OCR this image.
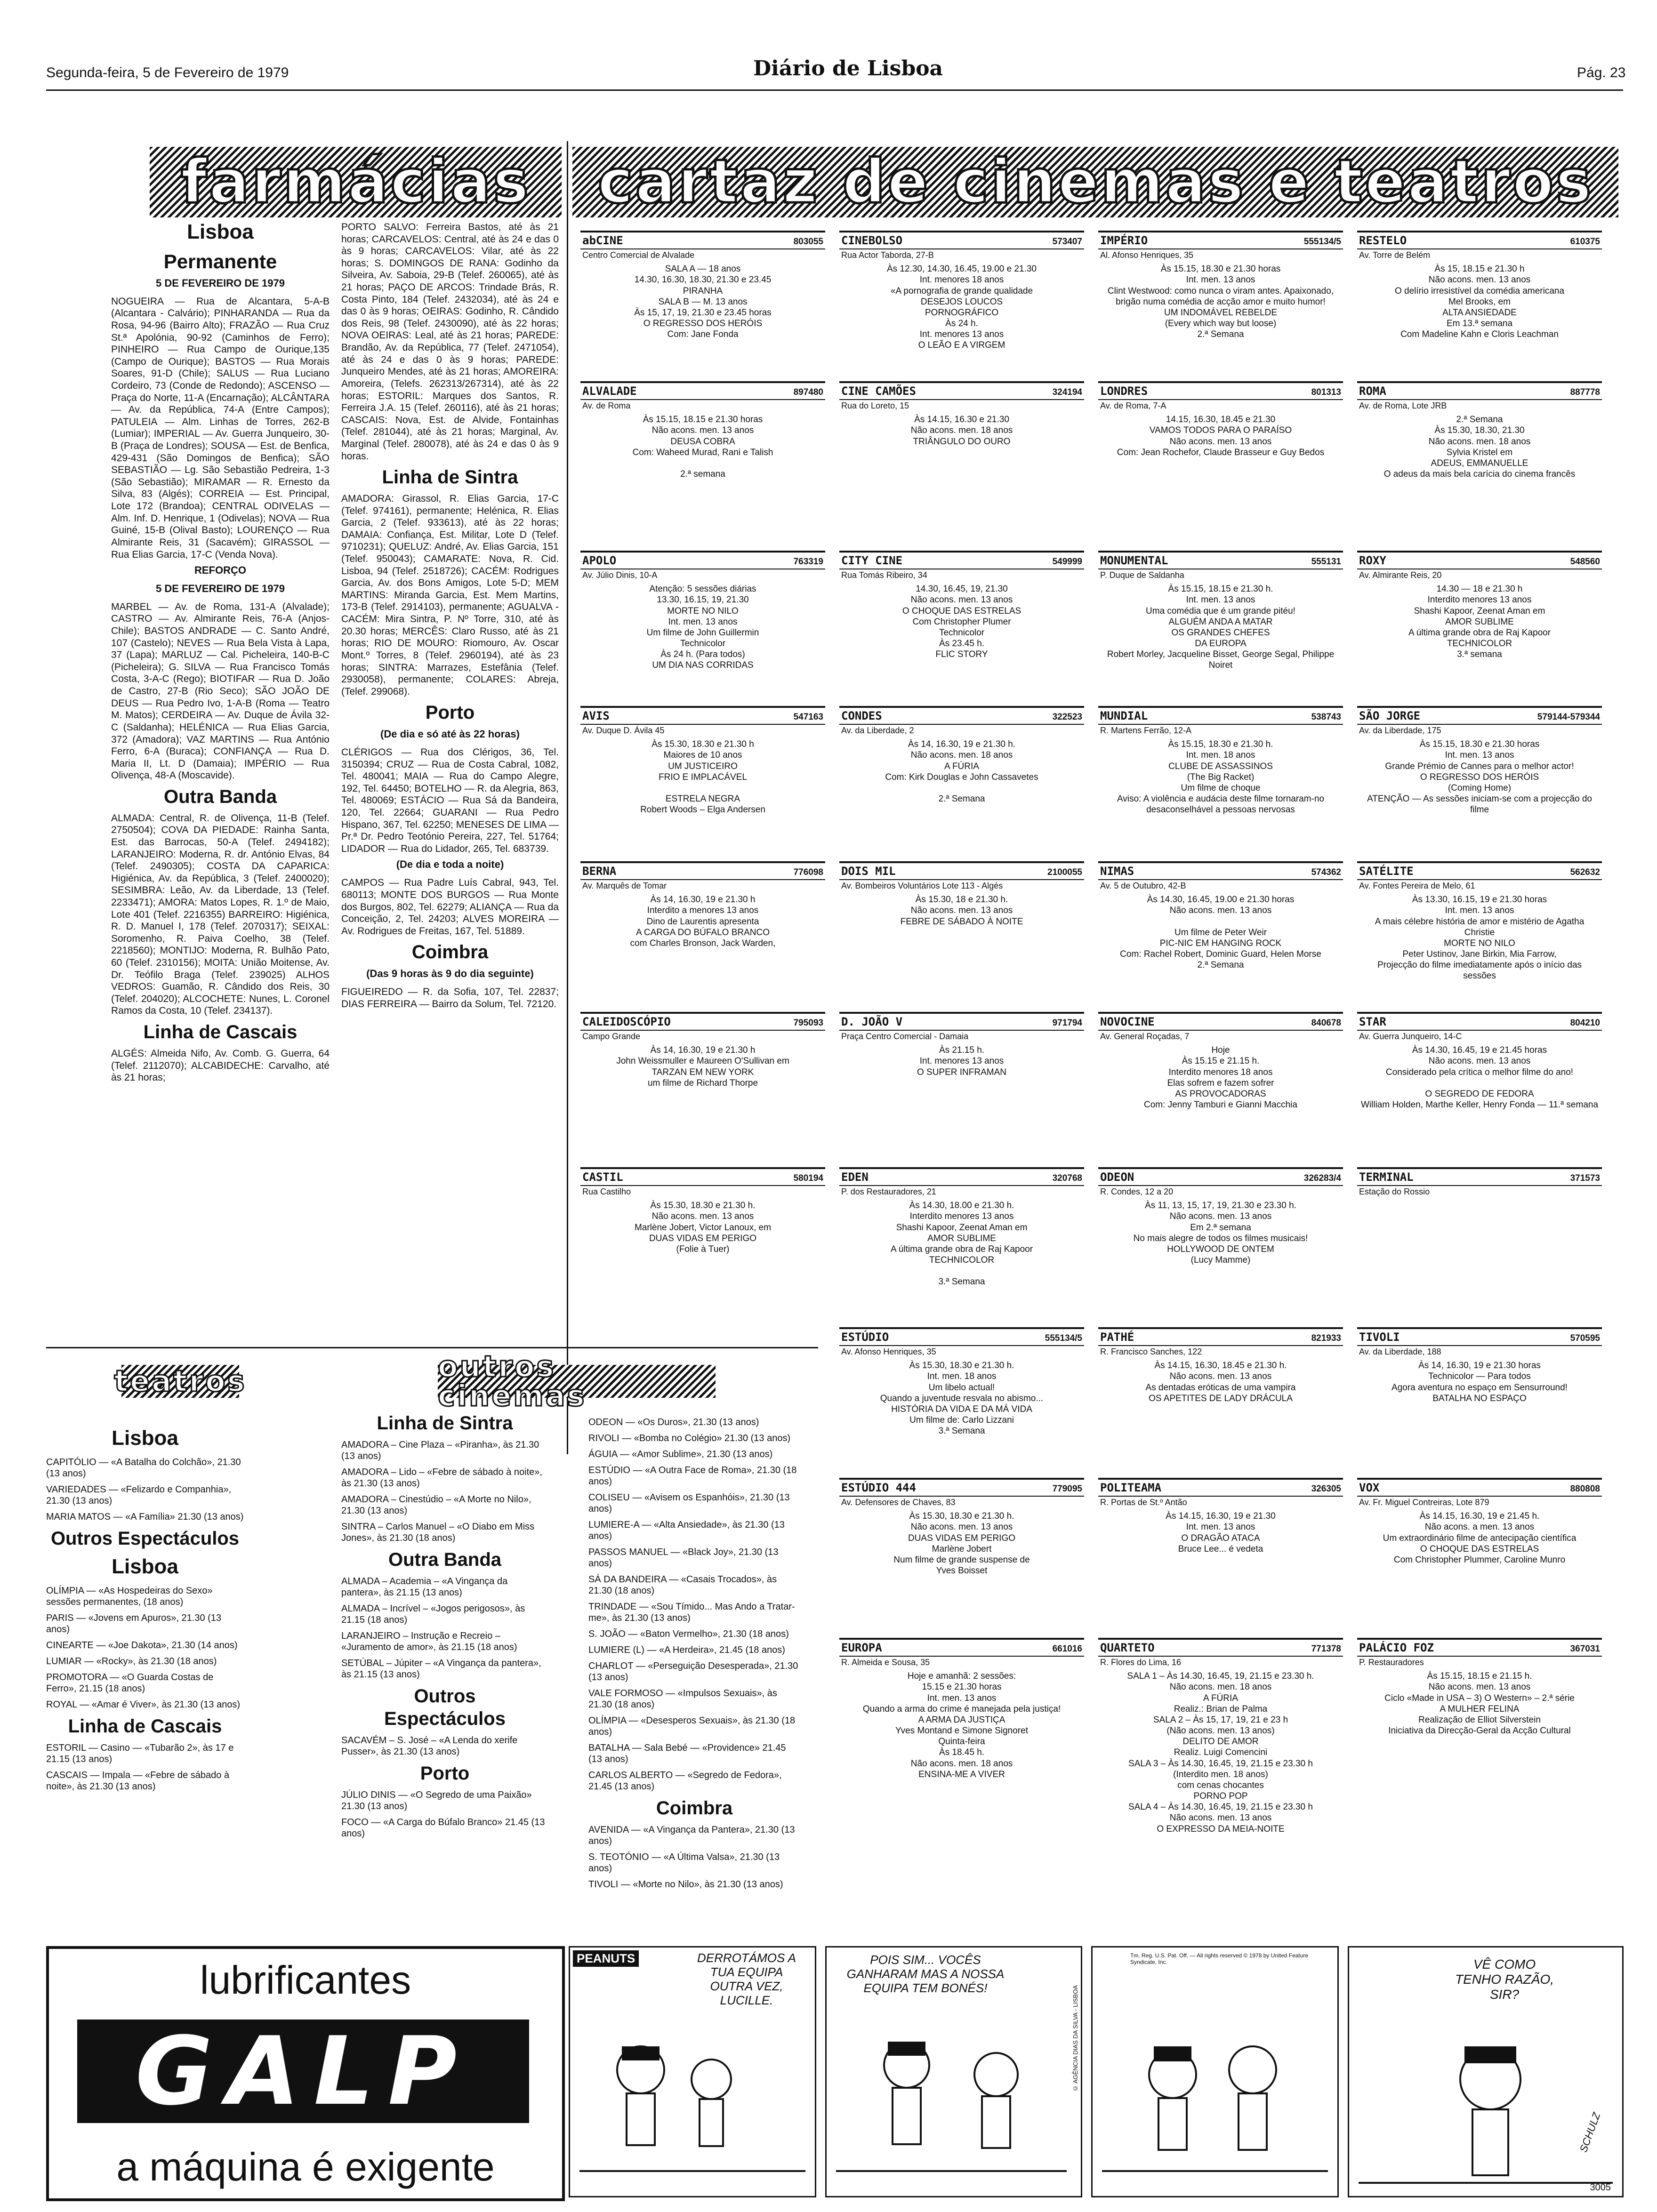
Segunda-feira, 5 de Fevereiro de 1979	Diário de Lisboa	Pág. 23
farmácias cartaz de cinemas e teatros
Lisboa
Permanente
5 DE FEVEREIRO DE 1979

NOGUEIRA — Rua de Alcantara, 5-A-B (Alcantara - Calvário); PINHARANDA — Rua da Rosa, 94-96 (Bairro Alto); FRAZÃO — Rua Cruz St.ª Apolónia, 90-92 (Caminhos de Ferro); PINHEIRO — Rua Campo de Ourique,135 (Campo de Ourique); BASTOS — Rua Morais Soares, 91-D (Chile); SALUS — Rua Luciano Cordeiro, 73 (Conde de Redondo); ASCENSO — Praça do Norte, 11-A (Encarnação); ALCÂNTARA — Av. da República, 74-A (Entre Campos); PATULEIA — Alm. Linhas de Torres, 262-B (Lumiar); IMPERIAL — Av. Guerra Junqueiro, 30-B (Praça de Londres); SOUSA — Est. de Benfica, 429-431 (São Domingos de Benfica); SÃO SEBASTIÃO — Lg. São Sebastião Pedreira, 1-3 (São Sebastião); MIRAMAR — R. Ernesto da Silva, 83 (Algés); CORREIA — Est. Principal, Lote 172 (Brandoa); CENTRAL ODIVELAS — Alm. Inf. D. Henrique, 1 (Odivelas); NOVA — Rua Guiné, 15-B (Olival Basto); LOURENÇO — Rua Almirante Reis, 31 (Sacavém); GIRASSOL — Rua Elias Garcia, 17-C (Venda Nova).

REFORÇO
5 DE FEVEREIRO DE 1979

MARBEL — Av. de Roma, 131-A (Alvalade); CASTRO — Av. Almirante Reis, 76-A (Anjos-Chile); BASTOS ANDRADE — C. Santo André, 107 (Castelo); NEVES — Rua Bela Vista à Lapa, 37 (Lapa); MARLUZ — Cal. Picheleira, 140-B-C (Picheleira); G. SILVA — Rua Francisco Tomás Costa, 3-A-C (Rego); BIOTIFAR — Rua D. João de Castro, 27-B (Rio Seco); SÃO JOÃO DE DEUS — Rua Pedro Ivo, 1-A-B (Roma — Teatro M. Matos); CERDEIRA — Av. Duque de Ávila 32-C (Saldanha); HELÉNICA — Rua Elias Garcia, 372 (Amadora); VAZ MARTINS — Rua António Ferro, 6-A (Buraca); CONFIANÇA — Rua D. Maria II, Lt. D (Damaia); IMPÉRIO — Rua Olivença, 48-A (Moscavide).

Outra Banda

ALMADA: Central, R. de Olivença, 11-B (Telef. 2750504); COVA DA PIEDADE: Rainha Santa, Est. das Barrocas, 50-A (Telef. 2494182); LARANJEIRO: Moderna, R. dr. António Elvas, 84 (Telef. 2490305); COSTA DA CAPARICA: Higiénica, Av. da República, 3 (Telef. 2400020); SESIMBRA: Leão, Av. da Liberdade, 13 (Telef. 2233471); AMORA: Matos Lopes, R. 1.º de Maio, Lote 401 (Telef. 2216355) BARREIRO: Higiénica, R. D. Manuel I, 178 (Telef. 2070317); SEIXAL: Soromenho, R. Paiva Coelho, 38 (Telef. 2218560); MONTIJO: Moderna, R. Bulhão Pato, 60 (Telef. 2310156); MOITA: União Moitense, Av. Dr. Teófilo Braga (Telef. 239025) ALHOS VEDROS: Guamão, R. Cândido dos Reis, 30 (Telef. 204020); ALCOCHETE: Nunes, L. Coronel Ramos da Costa, 10 (Telef. 234137).

Linha de Cascais

ALGÉS: Almeida Nifo, Av. Comb. G. Guerra, 64 (Telef. 2112070); ALCABIDECHE: Carvalho, até às 21 horas;

PORTO SALVO: Ferreira Bastos, até às 21 horas; CARCAVELOS: Central, até às 24 e das 0 às 9 horas; CARCAVELOS: Vilar, até às 22 horas; S. DOMINGOS DE RANA: Godinho da Silveira, Av. Saboia, 29-B (Telef. 260065), até às 21 horas; PAÇO DE ARCOS: Trindade Brás, R. Costa Pinto, 184 (Telef. 2432034), até às 24 e das 0 às 9 horas; OEIRAS: Godinho, R. Cândido dos Reis, 98 (Telef. 2430090), até às 22 horas; NOVA OEIRAS: Leal, até às 21 horas; PAREDE: Brandão, Av. da República, 77 (Telef. 2471054), até às 24 e das 0 às 9 horas; PAREDE: Junqueiro Mendes, até às 21 horas; AMOREIRA: Amoreira, (Telefs. 262313/267314), até às 22 horas; ESTORIL: Marques dos Santos, R. Ferreira J.A. 15 (Telef. 260116), até às 21 horas; CASCAIS: Nova, Est. de Alvide, Fontainhas (Telef. 281044), até às 21 horas; Marginal, Av. Marginal (Telef. 280078), até às 24 e das 0 às 9 horas.

Linha de Sintra

AMADORA: Girassol, R. Elias Garcia, 17-C (Telef. 974161), permanente; Helénica, R. Elias Garcia, 2 (Telef. 933613), até às 22 horas; DAMAIA: Confiança, Est. Militar, Lote D (Telef. 9710231); QUELUZ: André, Av. Elias Garcia, 151 (Telef. 950043); CAMARATE: Nova, R. Cid. Lisboa, 94 (Telef. 2518726); CACÉM: Rodrigues Garcia, Av. dos Bons Amigos, Lote 5-D; MEM MARTINS: Miranda Garcia, Est. Mem Martins, 173-B (Telef. 2914103), permanente; AGUALVA - CACÉM: Mira Sintra, P. Nº Torre, 310, até às 20.30 horas; MERCÊS: Claro Russo, até às 21 horas; RIO DE MOURO: Riomouro, Av. Oscar Mont.º Torres, 8 (Telef. 2960194), até às 23 horas; SINTRA: Marrazes, Estefânia (Telef. 2930058), permanente; COLARES: Abreja, (Telef. 299068).

Porto
(De dia e só até às 22 horas)

CLÉRIGOS — Rua dos Clérigos, 36, Tel. 3150394; CRUZ — Rua de Costa Cabral, 1082, Tel. 480041; MAIA — Rua do Campo Alegre, 192, Tel. 64450; BOTELHO — R. da Alegria, 863, Tel. 480069; ESTÁCIO — Rua Sá da Bandeira, 120, Tel. 22664; GUARANI — Rua Pedro Hispano, 367, Tel. 62250; MENESES DE LIMA — Pr.ª Dr. Pedro Teotónio Pereira, 227, Tel. 51764; LIDADOR — Rua do Lidador, 265, Tel. 683739.

(De dia e toda a noite)

CAMPOS — Rua Padre Luís Cabral, 943, Tel. 680113; MONTE DOS BURGOS — Rua Monte dos Burgos, 802, Tel. 62279; ALIANÇA — Rua da Conceição, 2, Tel. 24203; ALVES MOREIRA — Av. Rodrigues de Freitas, 167, Tel. 51889.

Coimbra
(Das 9 horas às 9 do dia seguinte)

FIGUEIREDO — R. da Sofia, 107, Tel. 22837; DIAS FERREIRA — Bairro da Solum, Tel. 72120.

abCINE	803055
Centro Comercial de Alvalade
SALA A — 18 anos
14.30, 16.30, 18.30, 21.30 e 23.45
PIRANHA
SALA B — M. 13 anos
Às 15, 17, 19, 21.30 e 23.45 horas
O REGRESSO DOS HERÓIS
Com: Jane Fonda
ALVALADE	897480
Av. de Roma
Às 15.15, 18.15 e 21.30 horas
Não acons. men. 13 anos
DEUSA COBRA
Com: Waheed Murad, Rani e Talish

2.ª semana
APOLO	763319
Av. Júlio Dinis, 10-A
Atenção: 5 sessões diárias
13.30, 16.15, 19, 21.30
MORTE NO NILO
Int. men. 13 anos
Um filme de John Guillermin
Technicolor
Às 24 h. (Para todos)
UM DIA NAS CORRIDAS
AVIS	547163
Av. Duque D. Ávila 45
Às 15.30, 18.30 e 21.30 h
Maiores de 10 anos
UM JUSTICEIRO
FRIO E IMPLACÁVEL

ESTRELA NEGRA
Robert Woods – Elga Andersen
BERNA	776098
Av. Marquês de Tomar
Às 14, 16.30, 19 e 21.30 h
Interdito a menores 13 anos
Dino de Laurentis apresenta
A CARGA DO BÚFALO BRANCO
com Charles Bronson, Jack Warden,
CALEIDOSCÓPIO	795093
Campo Grande
Às 14, 16.30, 19 e 21.30 h
John Weissmuller e Maureen O'Sullivan em
TARZAN EM NEW YORK
um filme de Richard Thorpe
CASTIL	580194
Rua Castilho
Às 15.30, 18.30 e 21.30 h.
Não acons. men. 13 anos
Marlène Jobert, Victor Lanoux, em
DUAS VIDAS EM PERIGO
(Folie à Tuer)
CINEBOLSO	573407
Rua Actor Taborda, 27-B
Às 12.30, 14.30, 16.45, 19.00 e 21.30
Int. menores 18 anos
«A pornografia de grande qualidade
DESEJOS LOUCOS
PORNOGRÁFICO
Às 24 h.
Int. menores 13 anos
O LEÃO E A VIRGEM
CINE CAMÕES	324194
Rua do Loreto, 15
Às 14.15, 16.30 e 21.30
Não acons. men. 18 anos
TRIÂNGULO DO OURO
CITY CINE	549999
Rua Tomás Ribeiro, 34
14.30, 16.45, 19, 21.30
Não acons. men. 13 anos
O CHOQUE DAS ESTRELAS
Com Christopher Plumer
Technicolor
Às 23.45 h.
FLIC STORY
CONDES	322523
Av. da Liberdade, 2
Às 14, 16.30, 19 e 21.30 h.
Não acons. men. 18 anos
A FÚRIA
Com: Kirk Douglas e John Cassavetes

2.ª Semana
DOIS MIL	2100055
Av. Bombeiros Voluntários Lote 113 - Algés
Às 15.30, 18 e 21.30 h.
Não acons. men. 13 anos
FEBRE DE SÁBADO À NOITE
D. JOÃO V	971794
Praça Centro Comercial - Damaia
Às 21.15 h.
Int. menores 13 anos
O SUPER INFRAMAN
EDEN	320768
P. dos Restauradores, 21
Às 14.30, 18.00 e 21.30 h.
Interdito menores 13 anos
Shashi Kapoor, Zeenat Aman em
AMOR SUBLIME
A última grande obra de Raj Kapoor
TECHNICOLOR

3.ª Semana
ESTÚDIO	555134/5
Av. Afonso Henriques, 35
Às 15.30, 18.30 e 21.30 h.
Int. men. 18 anos
Um libelo actual!
Quando a juventude resvala no abismo...
HISTÓRIA DA VIDA E DA MÁ VIDA
Um filme de: Carlo Lizzani
3.ª Semana
ESTÚDIO 444	779095
Av. Defensores de Chaves, 83
Às 15.30, 18.30 e 21.30 h.
Não acons. men. 13 anos
DUAS VIDAS EM PERIGO
Marlène Jobert
Num filme de grande suspense de
Yves Boisset
EUROPA	661016
R. Almeida e Sousa, 35
Hoje e amanhã: 2 sessões:
15.15 e 21.30 horas
Int. men. 13 anos
Quando a arma do crime é manejada pela justiça!
A ARMA DA JUSTIÇA
Yves Montand e Simone Signoret
Quinta-feira
Às 18.45 h.
Não acons. men. 18 anos
ENSINA-ME A VIVER
IMPÉRIO	555134/5
Al. Afonso Henriques, 35
Às 15.15, 18.30 e 21.30 horas
Int. men. 13 anos
Clint Westwood: como nunca o viram antes. Apaixonado, brigão numa comédia de acção amor e muito humor!
UM INDOMÁVEL REBELDE
(Every which way but loose)
2.ª Semana
LONDRES	801313
Av. de Roma, 7-A
14.15, 16.30, 18.45 e 21.30
VAMOS TODOS PARA O PARAÍSO
Não acons. men. 13 anos
Com: Jean Rochefor, Claude Brasseur e Guy Bedos
MONUMENTAL	555131
P. Duque de Saldanha
Às 15.15, 18.15 e 21.30 h.
Int. men. 13 anos
Uma comédia que é um grande pitéu!
ALGUÉM ANDA A MATAR
OS GRANDES CHEFES
DA EUROPA
Robert Morley, Jacqueline Bisset, George Segal, Philippe Noiret
MUNDIAL	538743
R. Martens Ferrão, 12-A
Às 15.15, 18.30 e 21.30 h.
Int. men. 18 anos
CLUBE DE ASSASSINOS
(The Big Racket)
Um filme de choque
Aviso: A violência e audácia deste filme tornaram-no desaconselhável a pessoas nervosas
NIMAS	574362
Av. 5 de Outubro, 42-B
Às 14.30, 16.45, 19.00 e 21.30 horas
Não acons. men. 13 anos

Um filme de Peter Weir
PIC-NIC EM HANGING ROCK
Com: Rachel Robert, Dominic Guard, Helen Morse
2.ª Semana
NOVOCINE	840678
Av. General Roçadas, 7
Hoje
Às 15.15 e 21.15 h.
Interdito menores 18 anos
Elas sofrem e fazem sofrer
AS PROVOCADORAS
Com: Jenny Tamburi e Gianni Macchia
ODEON	326283/4
R. Condes, 12 a 20
Às 11, 13, 15, 17, 19, 21.30 e 23.30 h.
Não acons. men. 13 anos
Em 2.ª semana
No mais alegre de todos os filmes musicais!
HOLLYWOOD DE ONTEM
(Lucy Mamme)
PATHÉ	821933
R. Francisco Sanches, 122
Às 14.15, 16.30, 18.45 e 21.30 h.
Não acons. men. 13 anos
As dentadas eróticas de uma vampira
OS APETITES DE LADY DRÁCULA
POLITEAMA	326305
R. Portas de St.º Antão
Às 14.15, 16.30, 19 e 21.30
Int. men. 13 anos
O DRAGÃO ATACA
Bruce Lee... é vedeta
QUARTETO	771378
R. Flores do Lima, 16
SALA 1 – Às 14.30, 16.45, 19, 21.15 e 23.30 h.
Não acons. men. 18 anos
A FÚRIA
Realiz.: Brian de Palma
SALA 2 – Às 15, 17, 19, 21 e 23 h
(Não acons. men. 13 anos)
DELITO DE AMOR
Realiz. Luigi Comencini
SALA 3 – Às 14.30, 16.45, 19, 21.15 e 23.30 h
(Interdito men. 18 anos)
com cenas chocantes
PORNO POP
SALA 4 – Às 14.30, 16.45, 19, 21.15 e 23.30 h
Não acons. men. 13 anos
O EXPRESSO DA MEIA-NOITE
RESTELO	610375
Av. Torre de Belém
Às 15, 18.15 e 21.30 h
Não acons. men. 13 anos
O delírio irresistível da comédia americana
Mel Brooks, em
ALTA ANSIEDADE
Em 13.ª semana
Com Madeline Kahn e Cloris Leachman
ROMA	887778
Av. de Roma, Lote JRB
2.ª Semana
Às 15.30, 18.30, 21.30
Não acons. men. 18 anos
Sylvia Kristel em
ADEUS, EMMANUELLE
O adeus da mais bela carícia do cinema francês
ROXY	548560
Av. Almirante Reis, 20
14.30 — 18 e 21.30 h
Interdito menores 13 anos
Shashi Kapoor, Zeenat Aman em
AMOR SUBLIME
A última grande obra de Raj Kapoor
TECHNICOLOR
3.ª semana
SÃO JORGE	579144-579344
Av. da Liberdade, 175
Às 15.15, 18.30 e 21.30 horas
Int. men. 13 anos
Grande Prémio de Cannes para o melhor actor!
O REGRESSO DOS HERÓIS
(Coming Home)
ATENÇÃO — As sessões iniciam-se com a projecção do filme
SATÉLITE	562632
Av. Fontes Pereira de Melo, 61
Às 13.30, 16.15, 19 e 21.30 horas
Int. men. 13 anos
A mais célebre história de amor e mistério de Agatha Christie
MORTE NO NILO
Peter Ustinov, Jane Birkin, Mia Farrow,
Projecção do filme imediatamente após o início das sessões
STAR	804210
Av. Guerra Junqueiro, 14-C
Às 14.30, 16.45, 19 e 21.45 horas
Não acons. men. 13 anos
Considerado pela crítica o melhor filme do ano!

O SEGREDO DE FEDORA
William Holden, Marthe Keller, Henry Fonda — 11.ª semana
TERMINAL	371573
Estação do Rossio
TIVOLI	570595
Av. da Liberdade, 188
Às 14, 16.30, 19 e 21.30 horas
Technicolor — Para todos
Agora aventura no espaço em Sensurround!
BATALHA NO ESPAÇO
VOX	880808
Av. Fr. Miguel Contreiras, Lote 879
Às 14.15, 16.30, 19 e 21.45 h.
Não acons. a men. 13 anos
Um extraordinário filme de antecipação científica
O CHOQUE DAS ESTRELAS
Com Christopher Plummer, Caroline Munro
PALÁCIO FOZ	367031
P. Restauradores
Às 15.15, 18.15 e 21.15 h.
Não acons. men. 13 anos
Ciclo «Made in USA – 3) O Western» – 2.ª série
A MULHER FELINA
Realização de Elliot Silverstein
Iniciativa da Direcção-Geral da Acção Cultural
teatros	outros cinemas
Lisboa

CAPITÓLIO — «A Batalha do Colchão», 21.30 (13 anos)

VARIEDADES — «Felizardo e Companhia», 21.30 (13 anos)

MARIA MATOS — «A Família» 21.30 (13 anos)

Outros Espectáculos
Lisboa

OLÍMPIA — «As Hospedeiras do Sexo» sessões permanentes, (18 anos)

PARIS — «Jovens em Apuros», 21.30 (13 anos)

CINEARTE — «Joe Dakota», 21.30 (14 anos)

LUMIAR — «Rocky», às 21.30 (18 anos)

PROMOTORA — «O Guarda Costas de Ferro», 21.15 (18 anos)

ROYAL — «Amar é Viver», às 21.30 (13 anos)

Linha de Cascais

ESTORIL — Casino — «Tubarão 2», às 17 e 21.15 (13 anos)

CASCAIS — Impala — «Febre de sábado à noite», às 21.30 (13 anos)

Linha de Sintra

AMADORA – Cine Plaza – «Piranha», às 21.30 (13 anos)

AMADORA – Lido – «Febre de sábado à noite», às 21.30 (13 anos)

AMADORA – Cinestúdio – «A Morte no Nilo», 21.30 (13 anos)

SINTRA – Carlos Manuel – «O Diabo em Miss Jones», às 21.30 (18 anos)

Outra Banda

ALMADA – Academia – «A Vingança da pantera», às 21.15 (13 anos)

ALMADA – Incrível – «Jogos perigosos», às 21.15 (18 anos)

LARANJEIRO – Instrução e Recreio – «Juramento de amor», às 21.15 (18 anos)

SETÚBAL – Júpiter – «A Vingança da pantera», às 21.15 (13 anos)

Outros
Espectáculos

SACAVÉM – S. José – «A Lenda do xerife Pusser», às 21.30 (13 anos)

Porto

JÚLIO DINIS — «O Segredo de uma Paixão» 21.30 (13 anos)

FOCO — «A Carga do Búfalo Branco» 21.45 (13 anos)

ODEON — «Os Duros», 21.30 (13 anos)

RIVOLI — «Bomba no Colégio» 21.30 (13 anos)

ÁGUIA — «Amor Sublime», 21.30 (13 anos)

ESTÚDIO — «A Outra Face de Roma», 21.30 (18 anos)

COLISEU — «Avisem os Espanhóis», 21.30 (13 anos)

LUMIERE-A — «Alta Ansiedade», às 21.30 (13 anos)

PASSOS MANUEL — «Black Joy», 21.30 (13 anos)

SÁ DA BANDEIRA — «Casais Trocados», às 21.30 (18 anos)

TRINDADE — «Sou Tímido... Mas Ando a Tratar-me», às 21.30 (13 anos)

S. JOÃO — «Baton Vermelho», 21.30 (18 anos)

LUMIERE (L) — «A Herdeira», 21.45 (18 anos)

CHARLOT — «Perseguição Desesperada», 21.30 (13 anos)

VALE FORMOSO — «Impulsos Sexuais», às 21.30 (18 anos)

OLÍMPIA — «Desesperos Sexuais», às 21.30 (18 anos)

BATALHA — Sala Bebé — «Providence» 21.45 (13 anos)

CARLOS ALBERTO — «Segredo de Fedora», 21.45 (13 anos)

Coimbra

AVENIDA — «A Vingança da Pantera», 21.30 (13 anos)

S. TEOTÓNIO — «A Última Valsa», 21.30 (13 anos)

TIVOLI — «Morte no Nilo», às 21.30 (13 anos)

lubrificantes
GALP
a máquina é exigente
PEANUTS	DERROTÁMOS A TUA EQUIPA OUTRA VEZ, LUCILLE.
POIS SIM... VOCÊS GANHARAM MAS A NOSSA EQUIPA TEM BONÉS!	© AGÊNCIA DIAS DA SILVA - LISBOA
Tm. Reg. U.S. Pat. Off. — All rights reserved © 1978 by United Feature Syndicate, Inc.	VÊ COMO TENHO RAZÃO, SIR?
SCHULZ
3005
